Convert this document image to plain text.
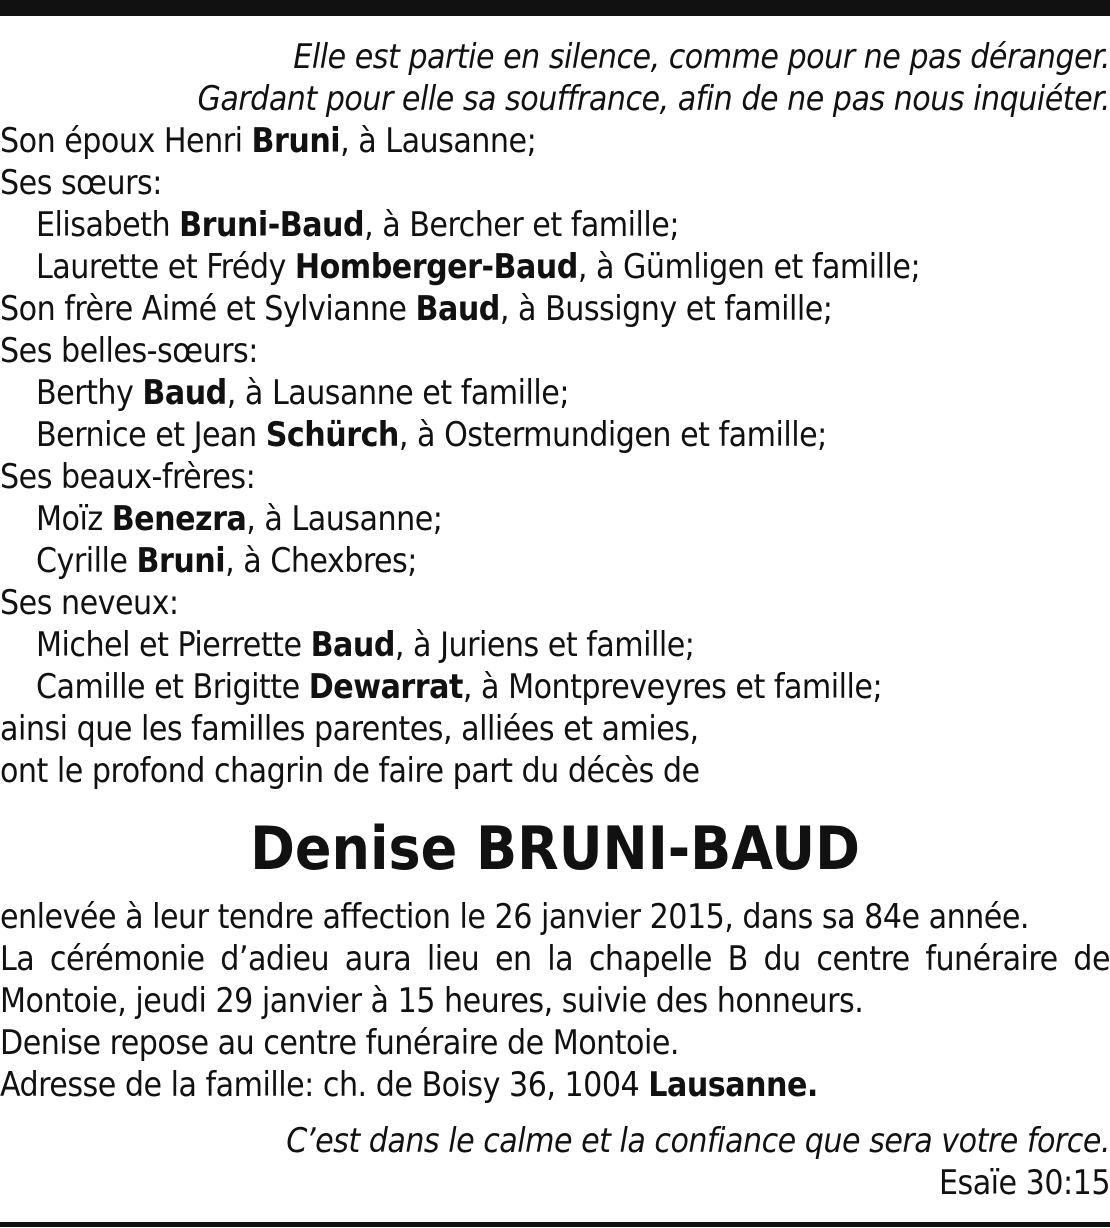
Elle est partie en silence, comme pour ne pas déranger.
Gardant pour elle sa souffrance, afin de ne pas nous inquiéter.
Son époux Henri Bruni, à Lausanne;
Ses sœurs:
Elisabeth Bruni-Baud, à Bercher et famille;
Laurette et Frédy Homberger-Baud, à Gümligen et famille;
Son frère Aimé et Sylvianne Baud, à Bussigny et famille;
Ses belles-sœurs:
Berthy Baud, à Lausanne et famille;
Bernice et Jean Schürch, à Ostermundigen et famille;
Ses beaux-frères:
Moïz Benezra, à Lausanne;
Cyrille Bruni, à Chexbres;
Ses neveux:
Michel et Pierrette Baud, à Juriens et famille;
Camille et Brigitte Dewarrat, à Montpreveyres et famille;
ainsi que les familles parentes, alliées et amies,
ont le profond chagrin de faire part du décès de
Denise BRUNI-BAUD
enlevée à leur tendre affection le 26 janvier 2015, dans sa 84e année.
La cérémonie d’adieu aura lieu en la chapelle B du centre funéraire de
Montoie, jeudi 29 janvier à 15 heures, suivie des honneurs.
Denise repose au centre funéraire de Montoie.
Adresse de la famille: ch. de Boisy 36, 1004 Lausanne.
C’est dans le calme et la confiance que sera votre force.
Esaïe 30:15
